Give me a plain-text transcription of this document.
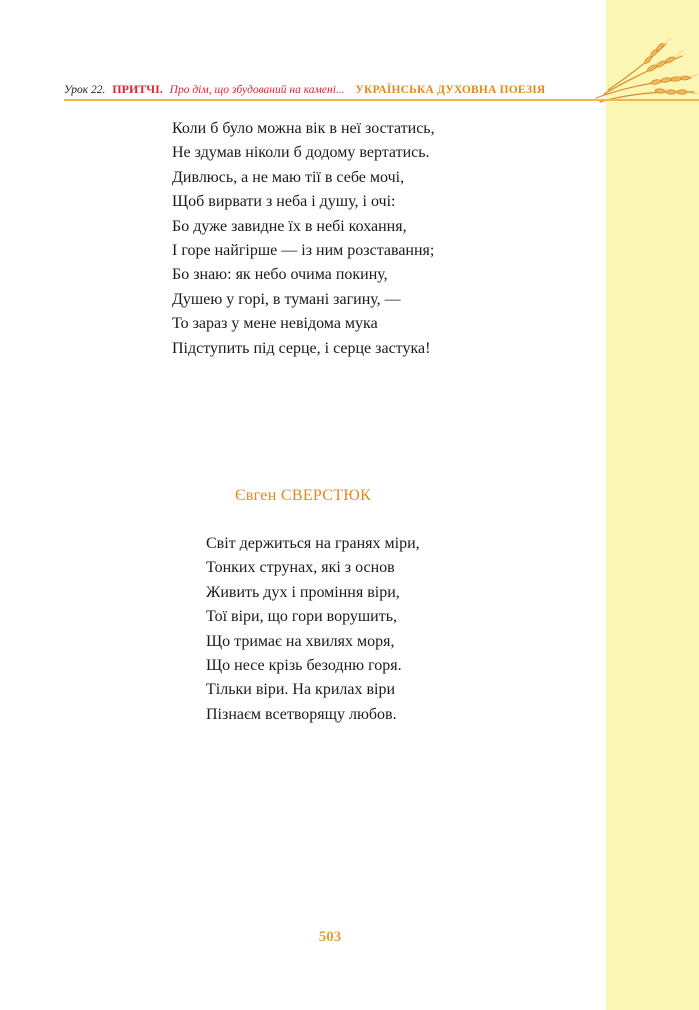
Урок 22. ПРИТЧІ. Про дім, що збудований на камені... УКРАЇНСЬКА ДУХОВНА ПОЕЗІЯ
Коли б було можна вік в неї зостатись,
Не здумав ніколи б додому вертатись.
Дивлюсь, а не маю тії в себе мочі,
Щоб вирвати з неба і душу, і очі:
Бо дуже завидне їх в небі кохання,
І горе найгірше — із ним розставання;
Бо знаю: як небо очима покину,
Душею у горі, в тумані загину, —
То зараз у мене невідома мука
Підступить під серце, і серце застука!
Євген СВЕРСТЮК
Світ держиться на гранях міри,
Тонких струнах, які з основ
Живить дух і проміння віри,
Тої віри, що гори ворушить,
Що тримає на хвилях моря,
Що несе крізь безодню горя.
Тільки віри. На крилах віри
Пізнаєм всетворящу любов.
503
